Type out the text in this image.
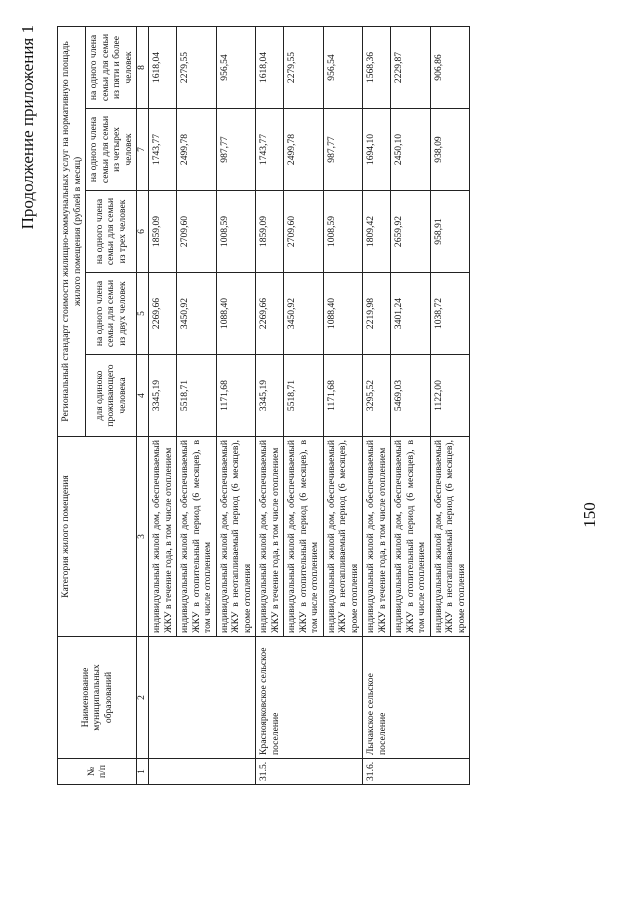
150
Продолжение приложения 1
№ п/п	Наименование муниципальных образований	Категория жилого помещения	Региональный стандарт стоимости жилищно-коммунальных услуг на нормативную площадь жилого помещения (рублей в месяц)				
			для одиноко проживающего человека	на одного члена семьи для семьи из двух человек	на одного члена семьи для семьи из трех человек	на одного члена семьи для семьи из четырех человек	на одного члена семьи для семьи из пяти и более человек
1	2	3	4	5	6	7	8
		индивидуальный жилой дом, обеспечиваемый ЖКУ в течение года, в том числе отоплением	3345,19	2269,66	1859,09	1743,77	1618,04
		индивидуальный жилой дом, обеспечиваемый ЖКУ в отопительный период (6 месяцев), в том числе отоплением	5518,71	3450,92	2709,60	2499,78	2279,55
		индивидуальный жилой дом, обеспечиваемый ЖКУ в неотапливаемый период (6 месяцев), кроме отопления	1171,68	1088,40	1008,59	987,77	956,54
31.5.	Красноярковское сельское поселение	индивидуальный жилой дом, обеспечиваемый ЖКУ в течение года, в том числе отоплением	3345,19	2269,66	1859,09	1743,77	1618,04
		индивидуальный жилой дом, обеспечиваемый ЖКУ в отопительный период (6 месяцев), в том числе отоплением	5518,71	3450,92	2709,60	2499,78	2279,55
		индивидуальный жилой дом, обеспечиваемый ЖКУ в неотапливаемый период (6 месяцев), кроме отопления	1171,68	1088,40	1008,59	987,77	956,54
31.6.	Лычакское сельское поселение	индивидуальный жилой дом, обеспечиваемый ЖКУ в течение года, в том числе отоплением	3295,52	2219,98	1809,42	1694,10	1568,36
		индивидуальный жилой дом, обеспечиваемый ЖКУ в отопительный период (6 месяцев), в том числе отоплением	5469,03	3401,24	2659,92	2450,10	2229,87
		индивидуальный жилой дом, обеспечиваемый ЖКУ в неотапливаемый период (6 месяцев), кроме отопления	1122,00	1038,72	958,91	938,09	906,86
